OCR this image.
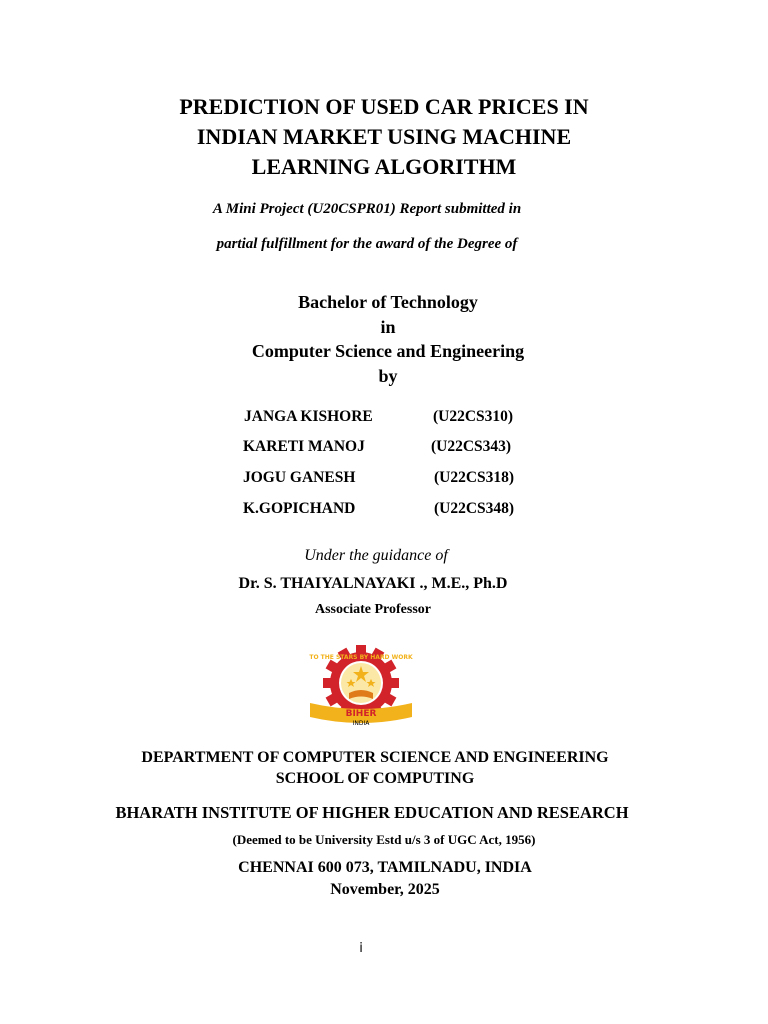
PREDICTION OF USED CAR PRICES IN
INDIAN MARKET USING MACHINE
LEARNING ALGORITHM
A Mini Project (U20CSPR01) Report submitted in
partial fulfillment for the award of the Degree of
Bachelor of Technology
in
Computer Science and Engineering
by
JANGA KISHORE	(U22CS310)
KARETI MANOJ	(U22CS343)
JOGU GANESH	(U22CS318)
K.GOPICHAND	(U22CS348)
Under the guidance of
Dr. S. THAIYALNAYAKI ., M.E., Ph.D
Associate Professor
TO THE STARS BY HARD WORK
BIHER
INDIA
DEPARTMENT OF COMPUTER SCIENCE AND ENGINEERING
SCHOOL OF COMPUTING
BHARATH INSTITUTE OF HIGHER EDUCATION AND RESEARCH
(Deemed to be University Estd u/s 3 of UGC Act, 1956)
CHENNAI 600 073, TAMILNADU, INDIA
November, 2025
i
